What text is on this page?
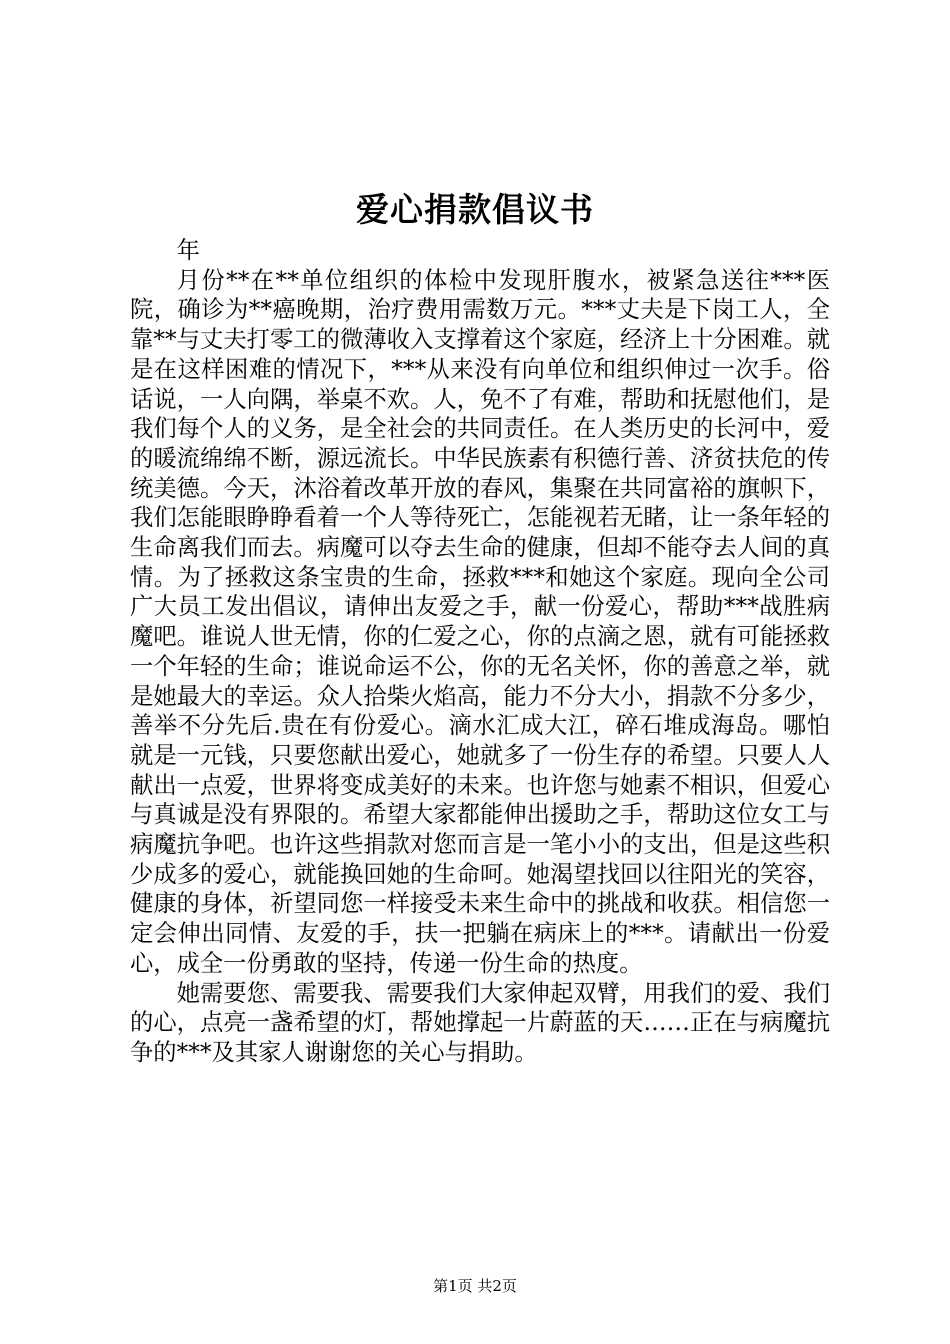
爱心捐款倡议书

年

月份**在**单位组织的体检中发现肝腹水，被紧急送往***医院，确诊为**癌晚期，治疗费用需数万元。***丈夫是下岗工人，全靠**与丈夫打零工的微薄收入支撑着这个家庭，经济上十分困难。就是在这样困难的情况下，***从来没有向单位和组织伸过一次手。俗话说，一人向隅，举桌不欢。人，免不了有难，帮助和抚慰他们，是我们每个人的义务，是全社会的共同责任。在人类历史的长河中，爱的暖流绵绵不断，源远流长。中华民族素有积德行善、济贫扶危的传统美德。今天，沐浴着改革开放的春风，集聚在共同富裕的旗帜下，我们怎能眼睁睁看着一个人等待死亡，怎能视若无睹，让一条年轻的生命离我们而去。病魔可以夺去生命的健康，但却不能夺去人间的真情。为了拯救这条宝贵的生命，拯救***和她这个家庭。现向全公司广大员工发出倡议，请伸出友爱之手，献一份爱心，帮助***战胜病魔吧。谁说人世无情，你的仁爱之心，你的点滴之恩，就有可能拯救一个年轻的生命；谁说命运不公，你的无名关怀，你的善意之举，就是她最大的幸运。众人拾柴火焰高，能力不分大小，捐款不分多少，善举不分先后.贵在有份爱心。滴水汇成大江，碎石堆成海岛。哪怕就是一元钱，只要您献出爱心，她就多了一份生存的希望。只要人人献出一点爱，世界将变成美好的未来。也许您与她素不相识，但爱心与真诚是没有界限的。希望大家都能伸出援助之手，帮助这位女工与病魔抗争吧。也许这些捐款对您而言是一笔小小的支出，但是这些积少成多的爱心，就能换回她的生命呵。她渴望找回以往阳光的笑容，健康的身体，祈望同您一样接受未来生命中的挑战和收获。相信您一定会伸出同情、友爱的手，扶一把躺在病床上的***。请献出一份爱心，成全一份勇敢的坚持，传递一份生命的热度。

她需要您、需要我、需要我们大家伸起双臂，用我们的爱、我们的心，点亮一盏希望的灯，帮她撑起一片蔚蓝的天……正在与病魔抗争的***及其家人谢谢您的关心与捐助。

第1页 共2页
